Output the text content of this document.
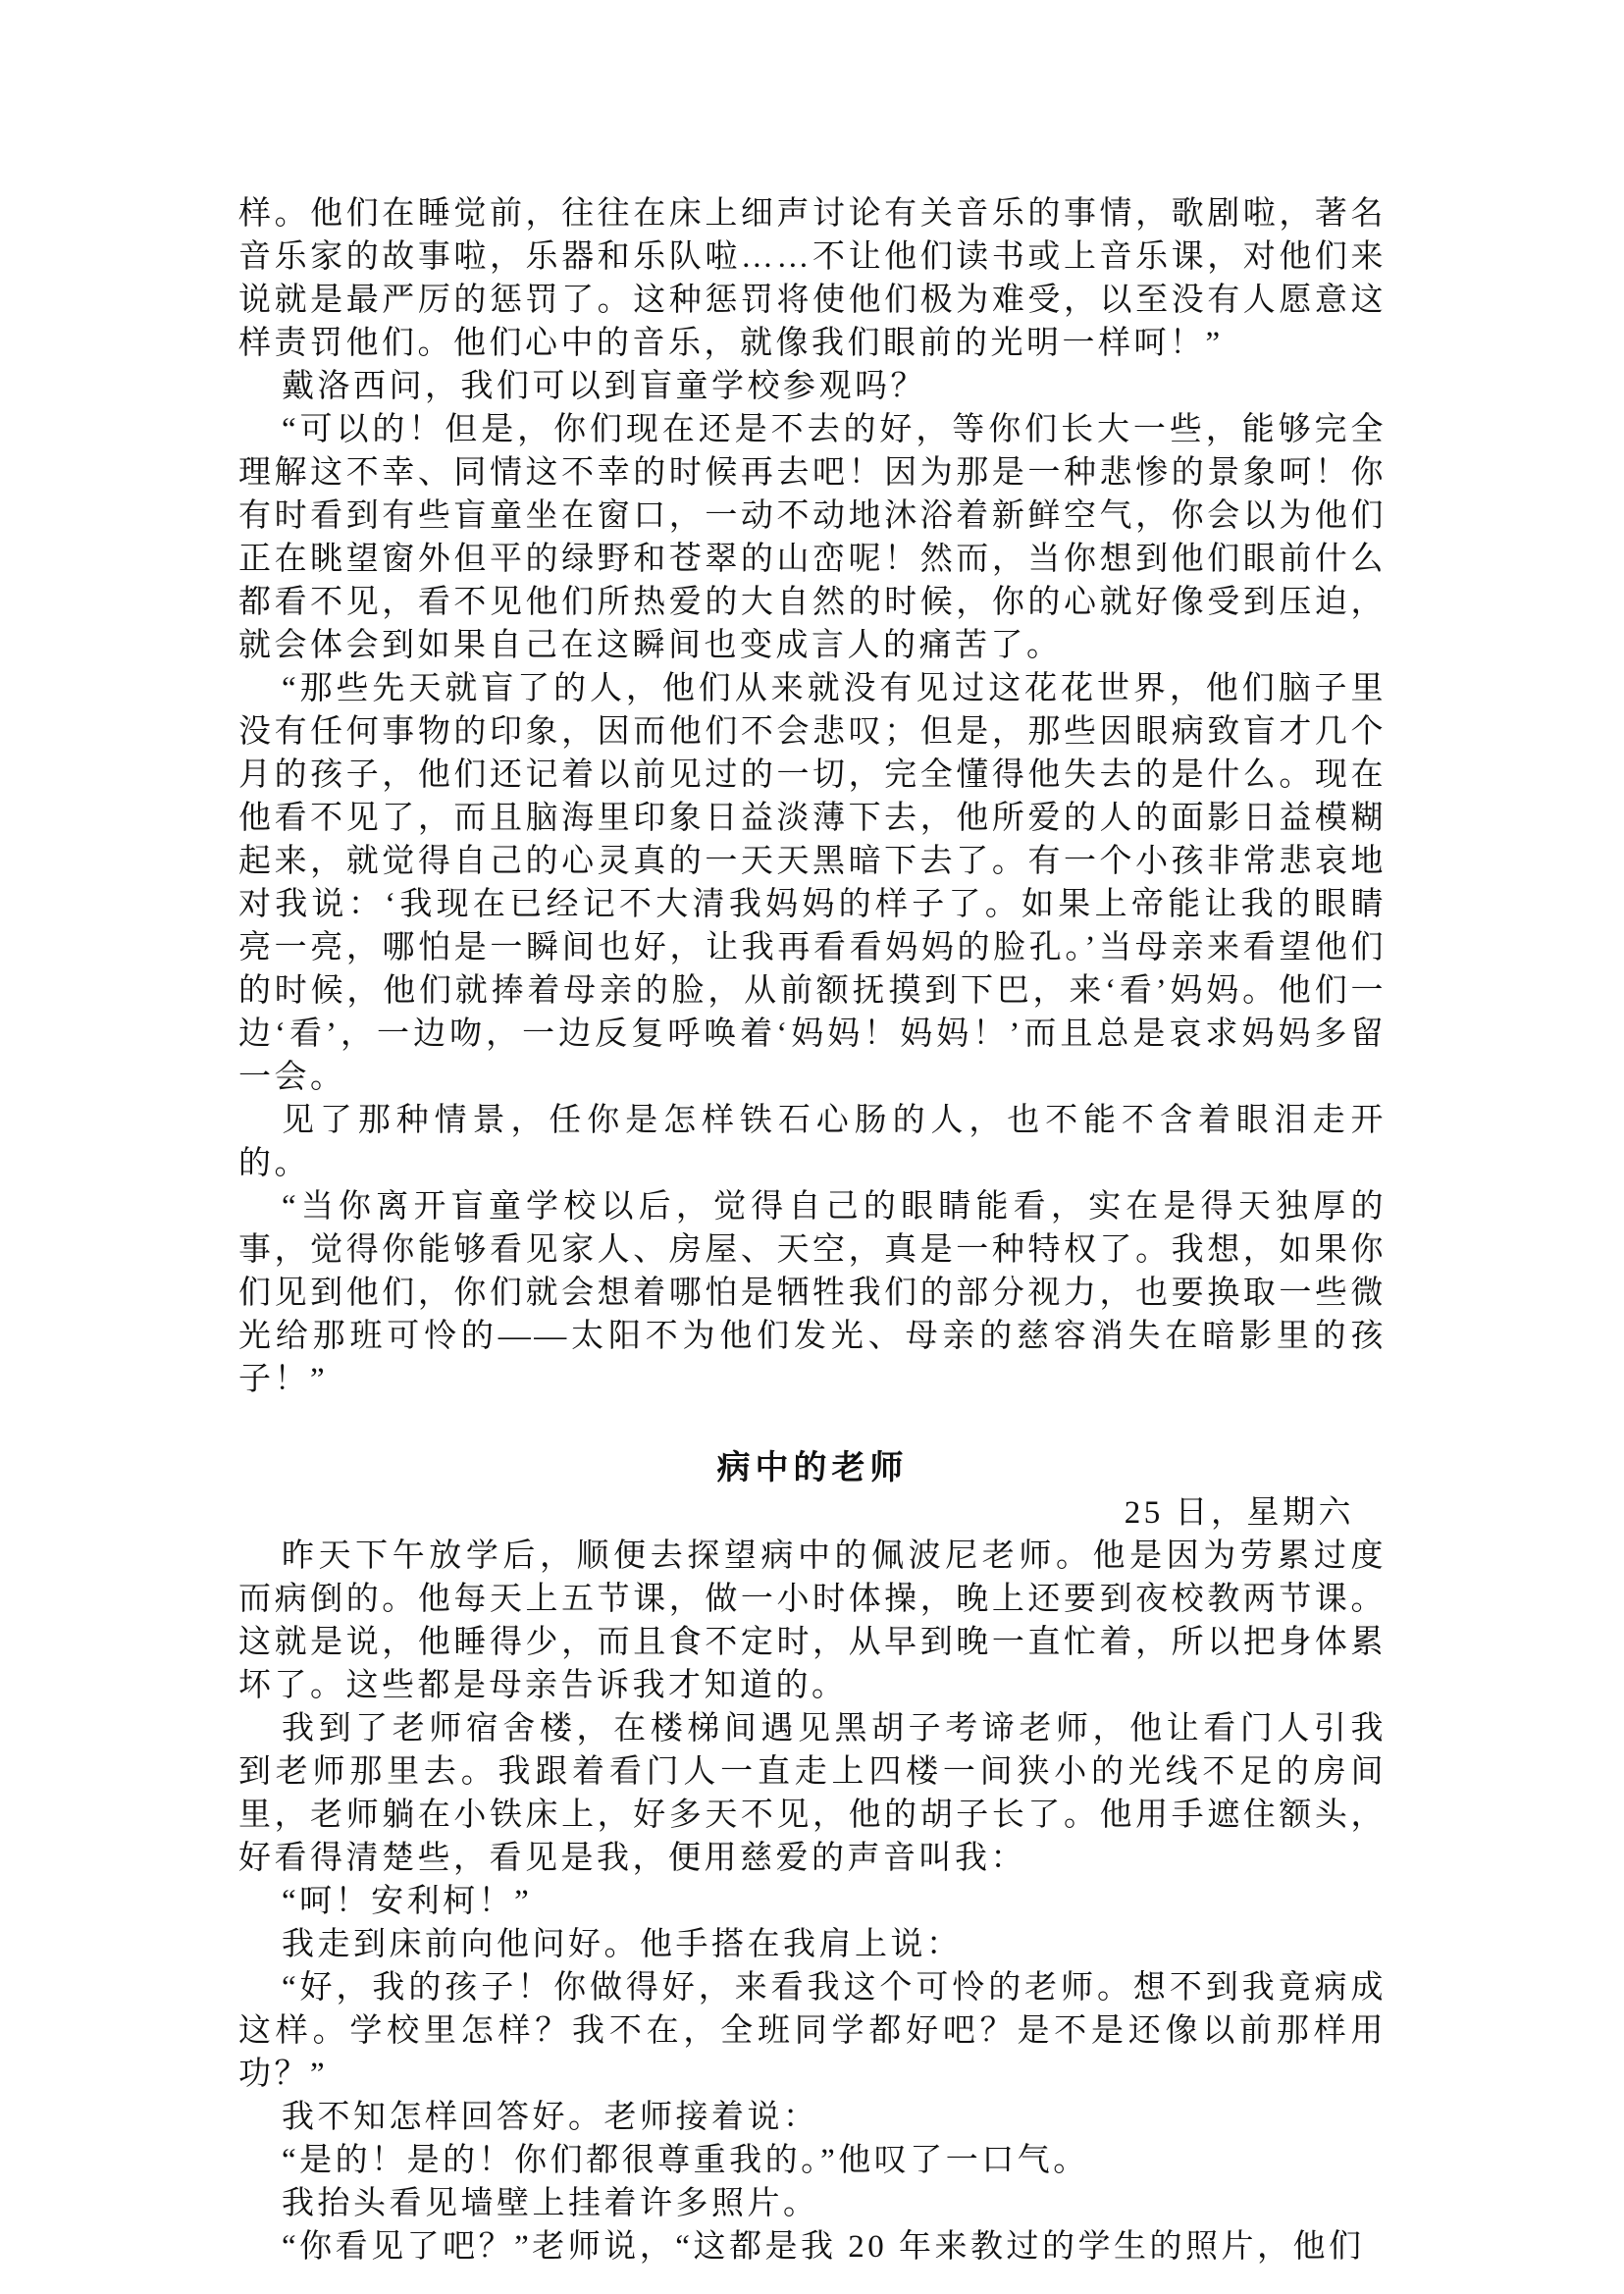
样。他们在睡觉前，往往在床上细声讨论有关音乐的事情，歌剧啦，著名音乐家的故事啦，乐器和乐队啦……不让他们读书或上音乐课，对他们来说就是最严厉的惩罚了。这种惩罚将使他们极为难受，以至没有人愿意这样责罚他们。他们心中的音乐，就像我们眼前的光明一样呵！”

戴洛西问，我们可以到盲童学校参观吗？

“可以的！但是，你们现在还是不去的好，等你们长大一些，能够完全理解这不幸、同情这不幸的时候再去吧！因为那是一种悲惨的景象呵！你有时看到有些盲童坐在窗口，一动不动地沐浴着新鲜空气，你会以为他们正在眺望窗外但平的绿野和苍翠的山峦呢！然而，当你想到他们眼前什么都看不见，看不见他们所热爱的大自然的时候，你的心就好像受到压迫，就会体会到如果自己在这瞬间也变成言人的痛苦了。

“那些先天就盲了的人，他们从来就没有见过这花花世界，他们脑子里没有任何事物的印象，因而他们不会悲叹；但是，那些因眼病致盲才几个月的孩子，他们还记着以前见过的一切，完全懂得他失去的是什么。现在他看不见了，而且脑海里印象日益淡薄下去，他所爱的人的面影日益模糊起来，就觉得自己的心灵真的一天天黑暗下去了。有一个小孩非常悲哀地对我说：‘我现在已经记不大清我妈妈的样子了。如果上帝能让我的眼睛亮一亮，哪怕是一瞬间也好，让我再看看妈妈的脸孔。’当母亲来看望他们的时候，他们就捧着母亲的脸，从前额抚摸到下巴，来‘看’妈妈。他们一边‘看’，一边吻，一边反复呼唤着‘妈妈！妈妈！’而且总是哀求妈妈多留一会。

见了那种情景，任你是怎样铁石心肠的人，也不能不含着眼泪走开的。

“当你离开盲童学校以后，觉得自己的眼睛能看，实在是得天独厚的事，觉得你能够看见家人、房屋、天空，真是一种特权了。我想，如果你们见到他们，你们就会想着哪怕是牺牲我们的部分视力，也要换取一些微光给那班可怜的——太阳不为他们发光、母亲的慈容消失在暗影里的孩子！”

病中的老师

25 日，星期六

昨天下午放学后，顺便去探望病中的佩波尼老师。他是因为劳累过度而病倒的。他每天上五节课，做一小时体操，晚上还要到夜校教两节课。这就是说，他睡得少，而且食不定时，从早到晚一直忙着，所以把身体累坏了。这些都是母亲告诉我才知道的。

我到了老师宿舍楼，在楼梯间遇见黑胡子考谛老师，他让看门人引我到老师那里去。我跟着看门人一直走上四楼一间狭小的光线不足的房间里，老师躺在小铁床上，好多天不见，他的胡子长了。他用手遮住额头，好看得清楚些，看见是我，便用慈爱的声音叫我：

“呵！安利柯！”

我走到床前向他问好。他手搭在我肩上说：

“好，我的孩子！你做得好，来看我这个可怜的老师。想不到我竟病成这样。学校里怎样？我不在，全班同学都好吧？是不是还像以前那样用功？”

我不知怎样回答好。老师接着说：

“是的！是的！你们都很尊重我的。”他叹了一口气。

我抬头看见墙壁上挂着许多照片。

“你看见了吧？”老师说，“这都是我 20 年来教过的学生的照片，他们
